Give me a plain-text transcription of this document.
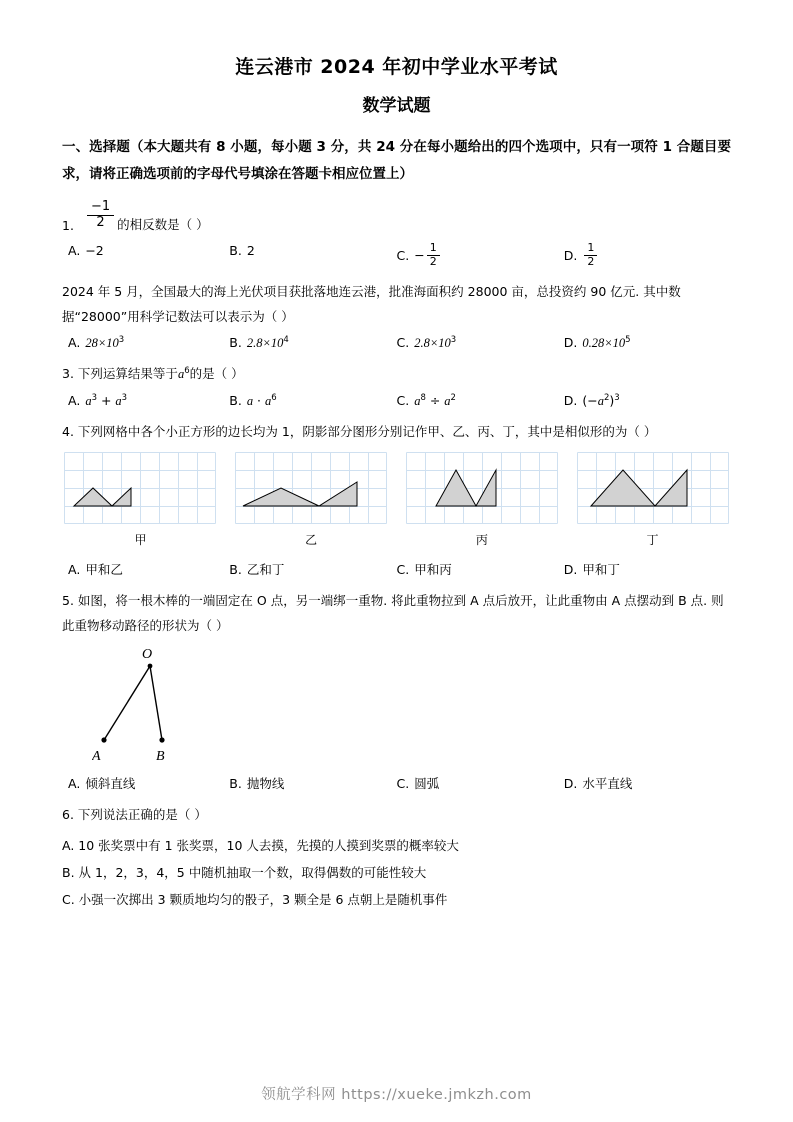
连云港市 2024 年初中学业水平考试
数学试题
一、选择题（本大题共有 8 小题，每小题 3 分，共 24 分在每小题给出的四个选项中，只有一项符 1 合题目要求，请将正确选项前的字母代号填涂在答题卡相应位置上）
1. $\frac{-1}{2}$ 的相反数是（ ）
A. −2	B. 2	C. − $\frac{1}{2}$	D. $\frac{1}{2}$
2024 年 5 月，全国最大的海上光伏项目获批落地连云港，批准海面积约 28000 亩，总投资约 90 亿元. 其中数据“28000”用科学记数法可以表示为（ ）
A. $28\times 10^3$	B. $2.8\times 10^4$	C. $2.8\times 10^3$	D. $0.28\times 10^5$
3. 下列运算结果等于$a^6$的是（ ）
A. $a^3 + a^3$	B. $a \cdot a^6$	C. $a^8 \div a^2$	D. $(-a^2)^3$
4. 下列网格中各个小正方形的边长均为 1，阴影部分图形分别记作甲、乙、丙、丁，其中是相似形的为（ ）
甲	乙	丙	丁
A. 甲和乙	B. 乙和丁	C. 甲和丙	D. 甲和丁
5. 如图，将一根木棒的一端固定在 O 点，另一端绑一重物. 将此重物拉到 A 点后放开，让此重物由 A 点摆动到 B 点. 则此重物移动路径的形状为（ ）
O
A	B
A. 倾斜直线	B. 抛物线	C. 圆弧	D. 水平直线
6. 下列说法正确的是（ ）
A. 10 张奖票中有 1 张奖票，10 人去摸，先摸的人摸到奖票的概率较大
B. 从 1，2，3，4，5 中随机抽取一个数，取得偶数的可能性较大
C. 小强一次掷出 3 颗质地均匀的骰子，3 颗全是 6 点朝上是随机事件
领航学科网 https://xueke.jmkzh.com
